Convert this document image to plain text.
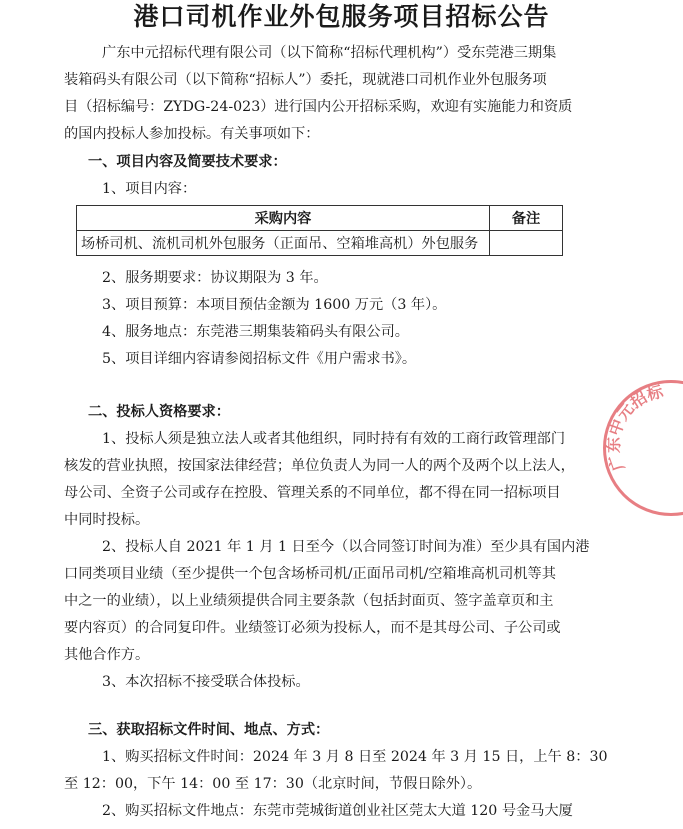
港口司机作业外包服务项目招标公告
广东中元招标代理有限公司（以下简称“招标代理机构”）受东莞港三期集
装箱码头有限公司（以下简称“招标人”）委托，现就港口司机作业外包服务项
目（招标编号：ZYDG-24-023）进行国内公开招标采购，欢迎有实施能力和资质
的国内投标人参加投标。有关事项如下：
一、项目内容及简要技术要求：
1、项目内容：
采购内容	备注
场桥司机、流机司机外包服务（正面吊、空箱堆高机）外包服务	
2、服务期要求：协议期限为 3 年。
3、项目预算：本项目预估金额为 1600 万元（3 年）。
4、服务地点：东莞港三期集装箱码头有限公司。
5、项目详细内容请参阅招标文件《用户需求书》。
二、投标人资格要求：
1、投标人须是独立法人或者其他组织，同时持有有效的工商行政管理部门
核发的营业执照，按国家法律经营；单位负责人为同一人的两个及两个以上法人，
母公司、全资子公司或存在控股、管理关系的不同单位，都不得在同一招标项目
中同时投标。
2、投标人自 2021 年 1 月 1 日至今（以合同签订时间为准）至少具有国内港
口同类项目业绩（至少提供一个包含场桥司机/正面吊司机/空箱堆高机司机等其
中之一的业绩），以上业绩须提供合同主要条款（包括封面页、签字盖章页和主
要内容页）的合同复印件。业绩签订必须为投标人，而不是其母公司、子公司或
其他合作方。
3、本次招标不接受联合体投标。
三、获取招标文件时间、地点、方式：
1、购买招标文件时间：2024 年 3 月 8 日至 2024 年 3 月 15 日，上午 8：30
至 12：00，下午 14：00 至 17：30（北京时间，节假日除外）。
2、购买招标文件地点：东莞市莞城街道创业社区莞太大道 120 号金马大厦
广东中元招标
